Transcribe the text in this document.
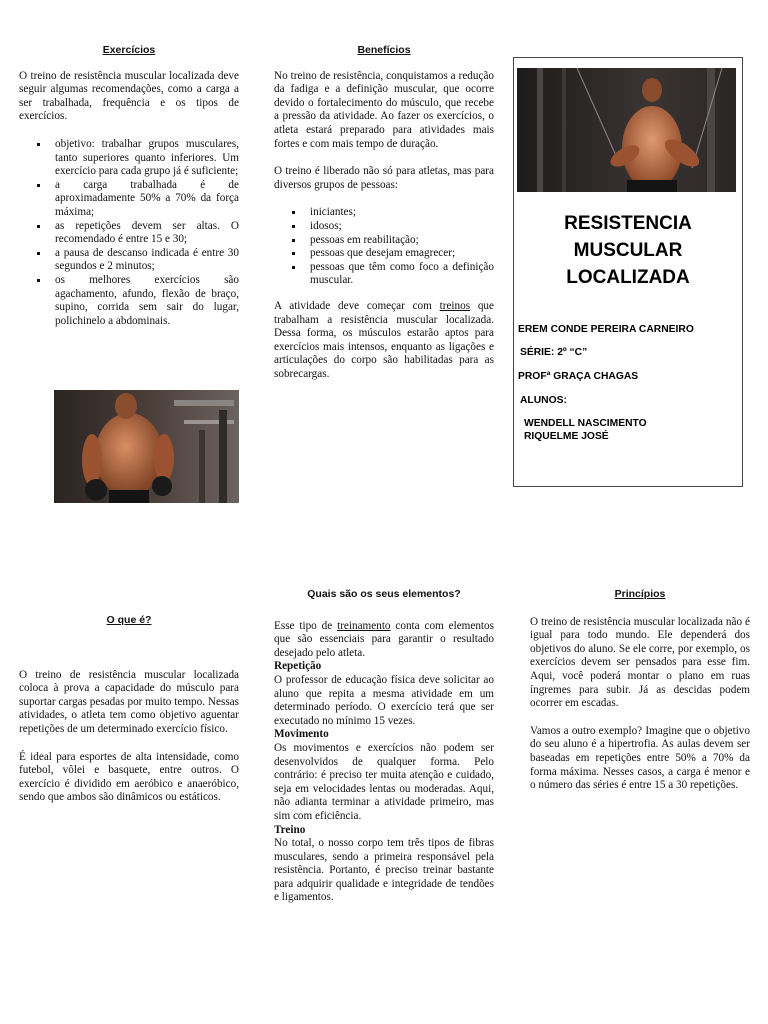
Exercícios

O treino de resistência muscular localizada deve seguir algumas recomendações, como a carga a ser trabalhada, frequência e os tipos de exercícios.

objetivo: trabalhar grupos musculares, tanto superiores quanto inferiores. Um exercício para cada grupo já é suficiente;
a carga trabalhada é de aproximadamente 50% a 70% da força máxima;
as repetições devem ser altas. O recomendado é entre 15 e 30;
a pausa de descanso indicada é entre 30 segundos e 2 minutos;
os melhores exercícios são agachamento, afundo, flexão de braço, supino, corrida sem sair do lugar, polichinelo a abdominais.

Benefícios

No treino de resistência, conquistamos a redução da fadiga e a definição muscular, que ocorre devido o fortalecimento do músculo, que recebe a pressão da atividade. Ao fazer os exercícios, o atleta estará preparado para atividades mais fortes e com mais tempo de duração.

O treino é liberado não só para atletas, mas para diversos grupos de pessoas:

iniciantes;
idosos;
pessoas em reabilitação;
pessoas que desejam emagrecer;
pessoas que têm como foco a definição muscular.

A atividade deve começar com treinos que trabalham a resistência muscular localizada. Dessa forma, os músculos estarão aptos para exercícios mais intensos, enquanto as ligações e articulações do corpo são habilitadas para as sobrecargas.

RESISTENCIA
MUSCULAR
LOCALIZADA
EREM CONDE PEREIRA CARNEIRO
SÉRIE: 2º “C”
PROFª GRAÇA CHAGAS
ALUNOS:
WENDELL NASCIMENTO
RIQUELME JOSÉ

O que é?

O treino de resistência muscular localizada coloca à prova a capacidade do músculo para suportar cargas pesadas por muito tempo. Nessas atividades, o atleta tem como objetivo aguentar repetições de um determinado exercício físico.

É ideal para esportes de alta intensidade, como futebol, vôlei e basquete, entre outros. O exercício é dividido em aeróbico e anaeróbico, sendo que ambos são dinâmicos ou estáticos.

Quais são os seus elementos?

Esse tipo de treinamento conta com elementos que são essenciais para garantir o resultado desejado pelo atleta.

Repetição

O professor de educação física deve solicitar ao aluno que repita a mesma atividade em um determinado período. O exercício terá que ser executado no mínimo 15 vezes.

Movimento

Os movimentos e exercícios não podem ser desenvolvidos de qualquer forma. Pelo contrário: é preciso ter muita atenção e cuidado, seja em velocidades lentas ou moderadas. Aqui, não adianta terminar a atividade primeiro, mas sim com eficiência.

Treino

No total, o nosso corpo tem três tipos de fibras musculares, sendo a primeira responsável pela resistência. Portanto, é preciso treinar bastante para adquirir qualidade e integridade de tendões e ligamentos.

Princípios

O treino de resistência muscular localizada não é igual para todo mundo. Ele dependerá dos objetivos do aluno. Se ele corre, por exemplo, os exercícios devem ser pensados para esse fim. Aqui, você poderá montar o plano em ruas íngremes para subir. Já as descidas podem ocorrer em escadas.

Vamos a outro exemplo? Imagine que o objetivo do seu aluno é a hipertrofia. As aulas devem ser baseadas em repetições entre 50% a 70% da forma máxima. Nesses casos, a carga é menor e o número das séries é entre 15 a 30 repetições.
